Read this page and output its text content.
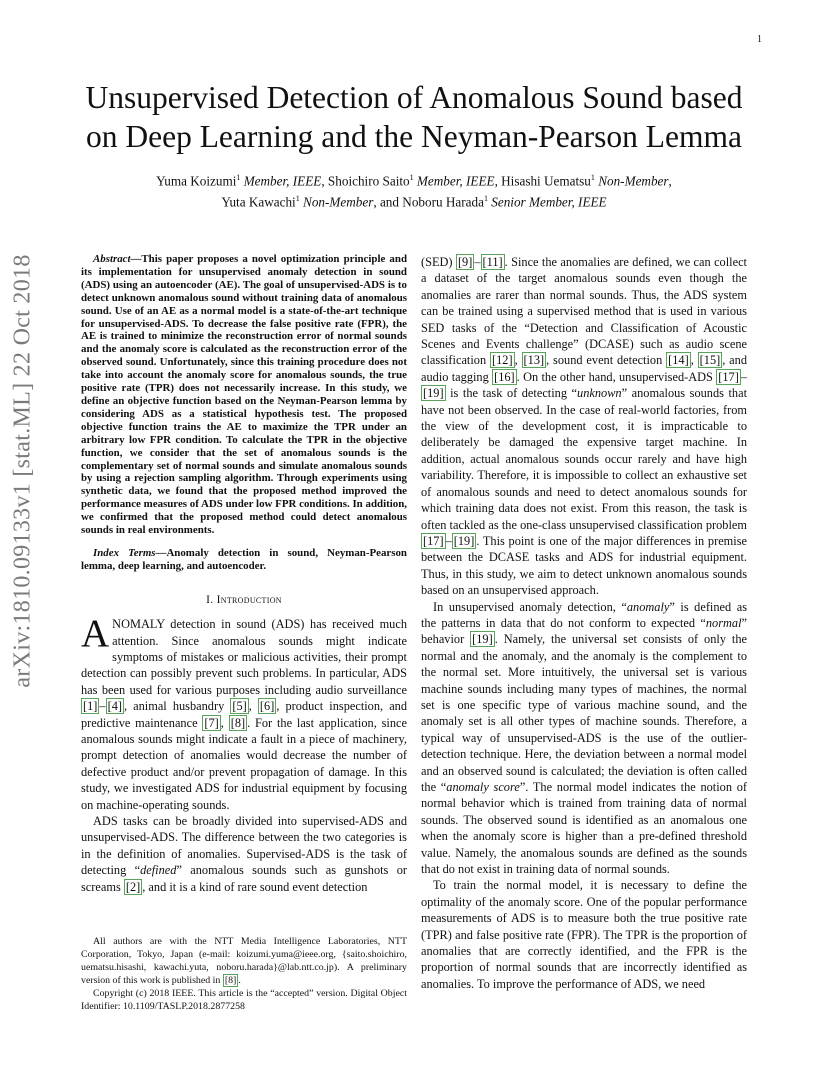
1
arXiv:1810.09133v1 [stat.ML] 22 Oct 2018
Unsupervised Detection of Anomalous Sound based
on Deep Learning and the Neyman-Pearson Lemma
Yuma Koizumi$^1$ Member, IEEE, Shoichiro Saito$^1$ Member, IEEE, Hisashi Uematsu$^1$ Non-Member,
Yuta Kawachi$^1$ Non-Member, and Noboru Harada$^1$ Senior Member, IEEE

Abstract—This paper proposes a novel optimization principle and its implementation for unsupervised anomaly detection in sound (ADS) using an autoencoder (AE). The goal of unsupervised-ADS is to detect unknown anomalous sound without training data of anomalous sound. Use of an AE as a normal model is a state-of-the-art technique for unsupervised-ADS. To decrease the false positive rate (FPR), the AE is trained to minimize the reconstruction error of normal sounds and the anomaly score is calculated as the reconstruction error of the observed sound. Unfortunately, since this training procedure does not take into account the anomaly score for anomalous sounds, the true positive rate (TPR) does not necessarily increase. In this study, we define an objective function based on the Neyman-Pearson lemma by considering ADS as a statistical hypothesis test. The proposed objective function trains the AE to maximize the TPR under an arbitrary low FPR condition. To calculate the TPR in the objective function, we consider that the set of anomalous sounds is the complementary set of normal sounds and simulate anomalous sounds by using a rejection sampling algorithm. Through experiments using synthetic data, we found that the proposed method improved the performance measures of ADS under low FPR conditions. In addition, we confirmed that the proposed method could detect anomalous sounds in real environments.

Index Terms—Anomaly detection in sound, Neyman-Pearson lemma, deep learning, and autoencoder.

I. Introduction

ANOMALY detection in sound (ADS) has received much attention. Since anomalous sounds might indicate symptoms of mistakes or malicious activities, their prompt detection can possibly prevent such problems. In particular, ADS has been used for various purposes including audio surveillance [1] – [4] , animal husbandry [5] , [6] , product inspection, and predictive maintenance [7] , [8] . For the last application, since anomalous sounds might indicate a fault in a piece of machinery, prompt detection of anomalies would decrease the number of defective product and/or prevent propagation of damage. In this study, we investigated ADS for industrial equipment by focusing on machine-operating sounds.

ADS tasks can be broadly divided into supervised-ADS and unsupervised-ADS. The difference between the two categories is in the definition of anomalies. Supervised-ADS is the task of detecting “defined” anomalous sounds such as gunshots or screams [2] , and it is a kind of rare sound event detection

All authors are with the NTT Media Intelligence Laboratories, NTT Corporation, Tokyo, Japan (e-mail: koizumi.yuma@ieee.org, {saito.shoichiro, uematsu.hisashi, kawachi.yuta, noboru.harada}@lab.ntt.co.jp). A preliminary version of this work is published in [8] .

Copyright (c) 2018 IEEE. This article is the “accepted” version. Digital Object Identifier: 10.1109/TASLP.2018.2877258

(SED) [9] – [11] . Since the anomalies are defined, we can collect a dataset of the target anomalous sounds even though the anomalies are rarer than normal sounds. Thus, the ADS system can be trained using a supervised method that is used in various SED tasks of the “Detection and Classification of Acoustic Scenes and Events challenge” (DCASE) such as audio scene classification [12] , [13] , sound event detection [14] , [15] , and audio tagging [16] . On the other hand, unsupervised-ADS [17] –[19] is the task of detecting “unknown” anomalous sounds that have not been observed. In the case of real-world factories, from the view of the development cost, it is impracticable to deliberately be damaged the expensive target machine. In addition, actual anomalous sounds occur rarely and have high variability. Therefore, it is impossible to collect an exhaustive set of anomalous sounds and need to detect anomalous sounds for which training data does not exist. From this reason, the task is often tackled as the one-class unsupervised classification problem [17] – [19] . This point is one of the major differences in premise between the DCASE tasks and ADS for industrial equipment. Thus, in this study, we aim to detect unknown anomalous sounds based on an unsupervised approach.

In unsupervised anomaly detection, “anomaly” is defined as the patterns in data that do not conform to expected “normal” behavior [19] . Namely, the universal set consists of only the normal and the anomaly, and the anomaly is the complement to the normal set. More intuitively, the universal set is various machine sounds including many types of machines, the normal set is one specific type of various machine sound, and the anomaly set is all other types of machine sounds. Therefore, a typical way of unsupervised-ADS is the use of the outlier-detection technique. Here, the deviation between a normal model and an observed sound is calculated; the deviation is often called the “anomaly score”. The normal model indicates the notion of normal behavior which is trained from training data of normal sounds. The observed sound is identified as an anomalous one when the anomaly score is higher than a pre-defined threshold value. Namely, the anomalous sounds are defined as the sounds that do not exist in training data of normal sounds.

To train the normal model, it is necessary to define the optimality of the anomaly score. One of the popular performance measurements of ADS is to measure both the true positive rate (TPR) and false positive rate (FPR). The TPR is the proportion of anomalies that are correctly identified, and the FPR is the proportion of normal sounds that are incorrectly identified as anomalies. To improve the performance of ADS, we need
